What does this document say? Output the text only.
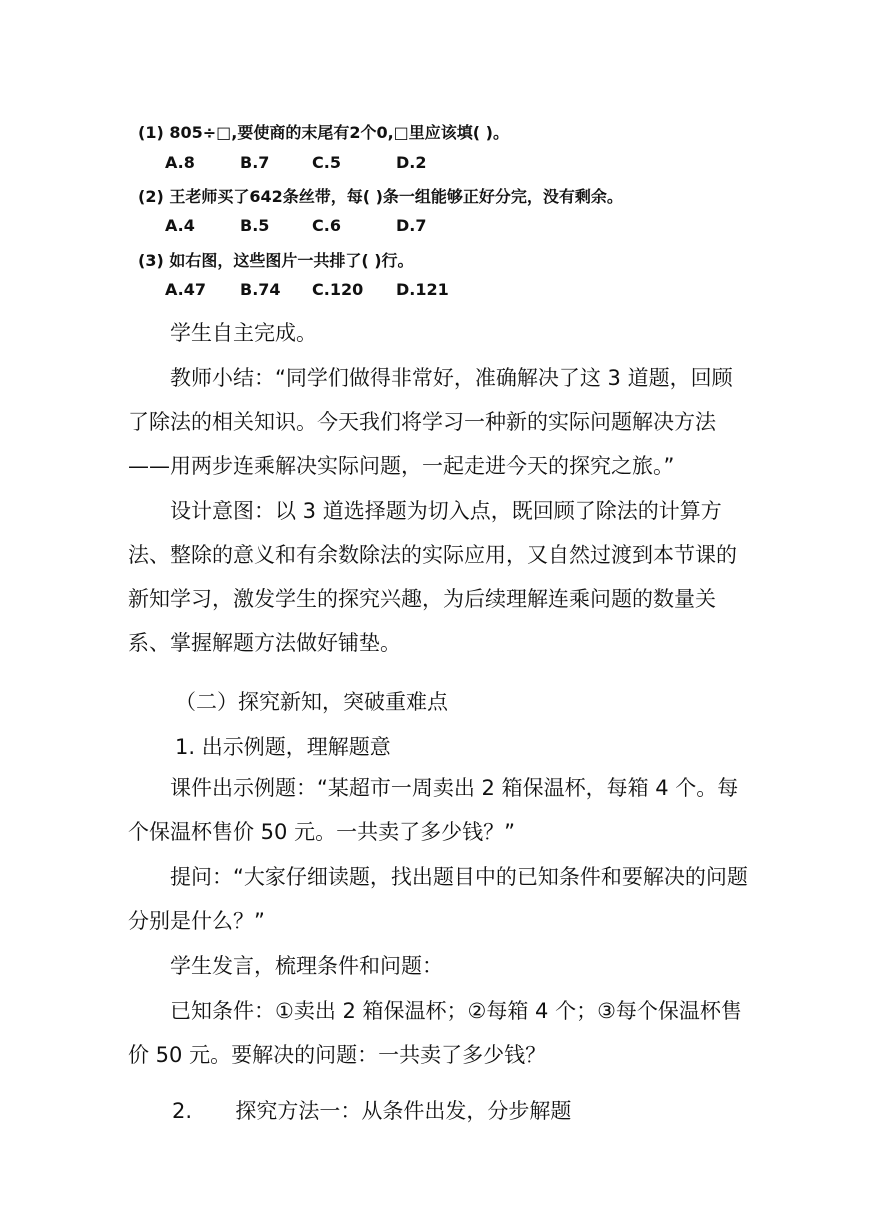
(1) 805÷□,要使商的末尾有2个0,□里应该填( )。
A.8	B.7	C.5	D.2
(2) 王老师买了642条丝带，每( )条一组能够正好分完，没有剩余。
A.4	B.5	C.6	D.7
(3) 如右图，这些图片一共排了( )行。
A.47 B.74 C.120 D.121

学生自主完成。

教师小结：“同学们做得非常好，准确解决了这 3 道题，回顾了除法的相关知识。今天我们将学习一种新的实际问题解决方法——用两步连乘解决实际问题，一起走进今天的探究之旅。”

设计意图：以 3 道选择题为切入点，既回顾了除法的计算方法、整除的意义和有余数除法的实际应用，又自然过渡到本节课的新知学习，激发学生的探究兴趣，为后续理解连乘问题的数量关系、掌握解题方法做好铺垫。

（二）探究新知，突破重难点
1. 出示例题，理解题意

课件出示例题：“某超市一周卖出 2 箱保温杯，每箱 4 个。每个保温杯售价 50 元。一共卖了多少钱？”

提问：“大家仔细读题，找出题目中的已知条件和要解决的问题分别是什么？”

学生发言，梳理条件和问题：

已知条件：①卖出 2 箱保温杯；②每箱 4 个；③每个保温杯售价 50 元。要解决的问题：一共卖了多少钱？

2. 探究方法一：从条件出发，分步解题
